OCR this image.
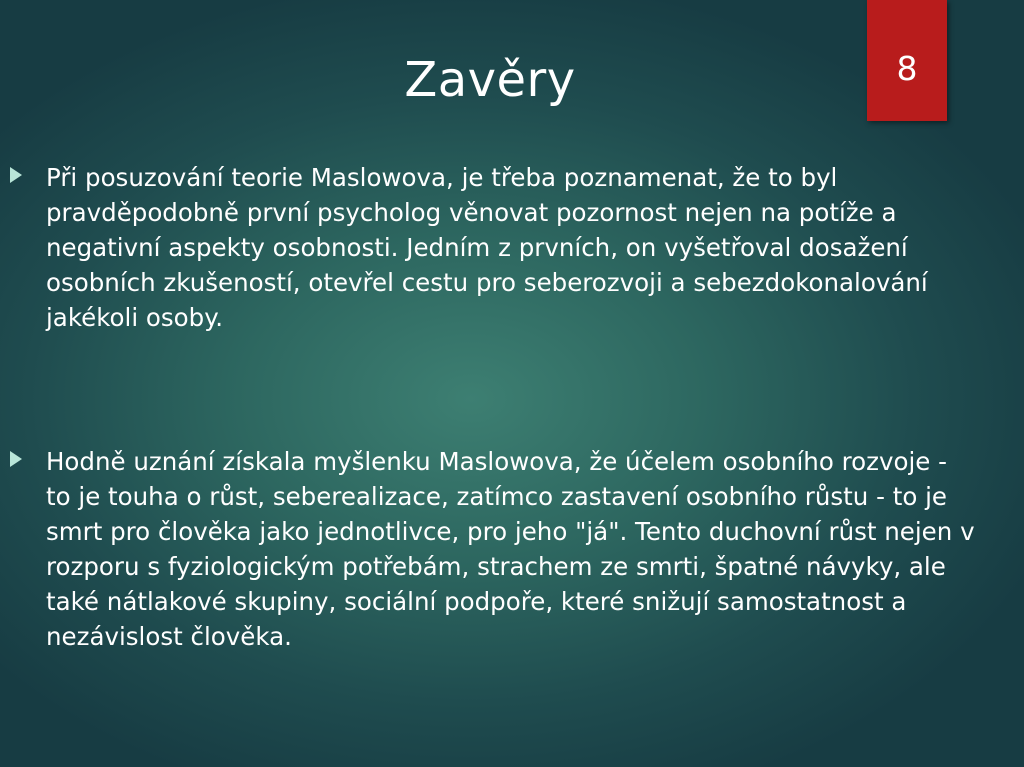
Zavěry	8
Při posuzování teorie Maslowova, je třeba poznamenat, že to byl pravděpodobně první psycholog věnovat pozornost nejen na potíže a negativní aspekty osobnosti. Jedním z prvních, on vyšetřoval dosažení osobních zkušeností, otevřel cestu pro seberozvoji a sebezdokonalování jakékoli osoby.
Hodně uznání získala myšlenku Maslowova, že účelem osobního rozvoje - to je touha o růst, seberealizace, zatímco zastavení osobního růstu - to je smrt pro člověka jako jednotlivce, pro jeho "já". Tento duchovní růst nejen v rozporu s fyziologickým potřebám, strachem ze smrti, špatné návyky, ale také nátlakové skupiny, sociální podpoře, které snižují samostatnost a nezávislost člověka.
